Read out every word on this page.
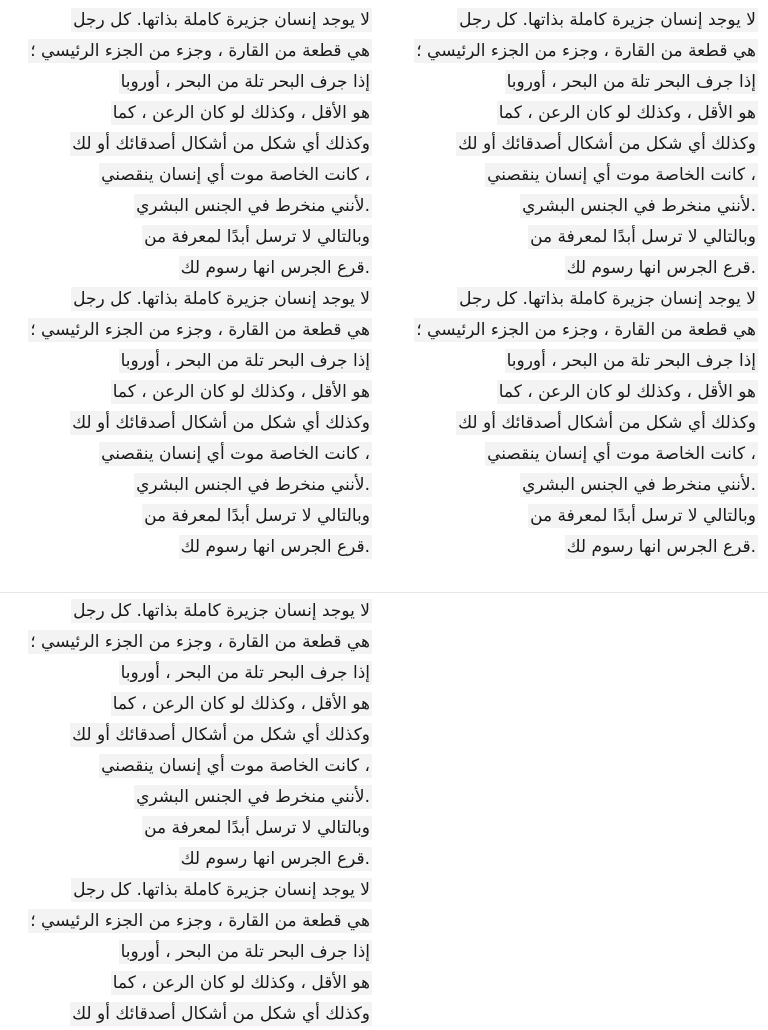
لا يوجد إنسان جزيرة كاملة بذاتها. كل رجل
هي قطعة من القارة ، وجزء من الجزء الرئيسي ؛
إذا جرف البحر تلة من البحر ، أوروبا
هو الأقل ، وكذلك لو كان الرعن ، كما
وكذلك أي شكل من أشكال أصدقائك أو لك
، كانت الخاصة موت أي إنسان ينقصني
.لأنني منخرط في الجنس البشري
وبالتالي لا ترسل أبدًا لمعرفة من
.قرع الجرس انها رسوم لك
لا يوجد إنسان جزيرة كاملة بذاتها. كل رجل
هي قطعة من القارة ، وجزء من الجزء الرئيسي ؛
إذا جرف البحر تلة من البحر ، أوروبا
هو الأقل ، وكذلك لو كان الرعن ، كما
وكذلك أي شكل من أشكال أصدقائك أو لك
، كانت الخاصة موت أي إنسان ينقصني
.لأنني منخرط في الجنس البشري
وبالتالي لا ترسل أبدًا لمعرفة من
.قرع الجرس انها رسوم لك
لا يوجد إنسان جزيرة كاملة بذاتها. كل رجل
هي قطعة من القارة ، وجزء من الجزء الرئيسي ؛
إذا جرف البحر تلة من البحر ، أوروبا
هو الأقل ، وكذلك لو كان الرعن ، كما
وكذلك أي شكل من أشكال أصدقائك أو لك
، كانت الخاصة موت أي إنسان ينقصني
.لأنني منخرط في الجنس البشري
وبالتالي لا ترسل أبدًا لمعرفة من
.قرع الجرس انها رسوم لك
لا يوجد إنسان جزيرة كاملة بذاتها. كل رجل
هي قطعة من القارة ، وجزء من الجزء الرئيسي ؛
إذا جرف البحر تلة من البحر ، أوروبا
هو الأقل ، وكذلك لو كان الرعن ، كما
وكذلك أي شكل من أشكال أصدقائك أو لك
، كانت الخاصة موت أي إنسان ينقصني
.لأنني منخرط في الجنس البشري
وبالتالي لا ترسل أبدًا لمعرفة من
.قرع الجرس انها رسوم لك
لا يوجد إنسان جزيرة كاملة بذاتها. كل رجل
هي قطعة من القارة ، وجزء من الجزء الرئيسي ؛
إذا جرف البحر تلة من البحر ، أوروبا
هو الأقل ، وكذلك لو كان الرعن ، كما
وكذلك أي شكل من أشكال أصدقائك أو لك
، كانت الخاصة موت أي إنسان ينقصني
.لأنني منخرط في الجنس البشري
وبالتالي لا ترسل أبدًا لمعرفة من
.قرع الجرس انها رسوم لك
لا يوجد إنسان جزيرة كاملة بذاتها. كل رجل
هي قطعة من القارة ، وجزء من الجزء الرئيسي ؛
إذا جرف البحر تلة من البحر ، أوروبا
هو الأقل ، وكذلك لو كان الرعن ، كما
وكذلك أي شكل من أشكال أصدقائك أو لك
